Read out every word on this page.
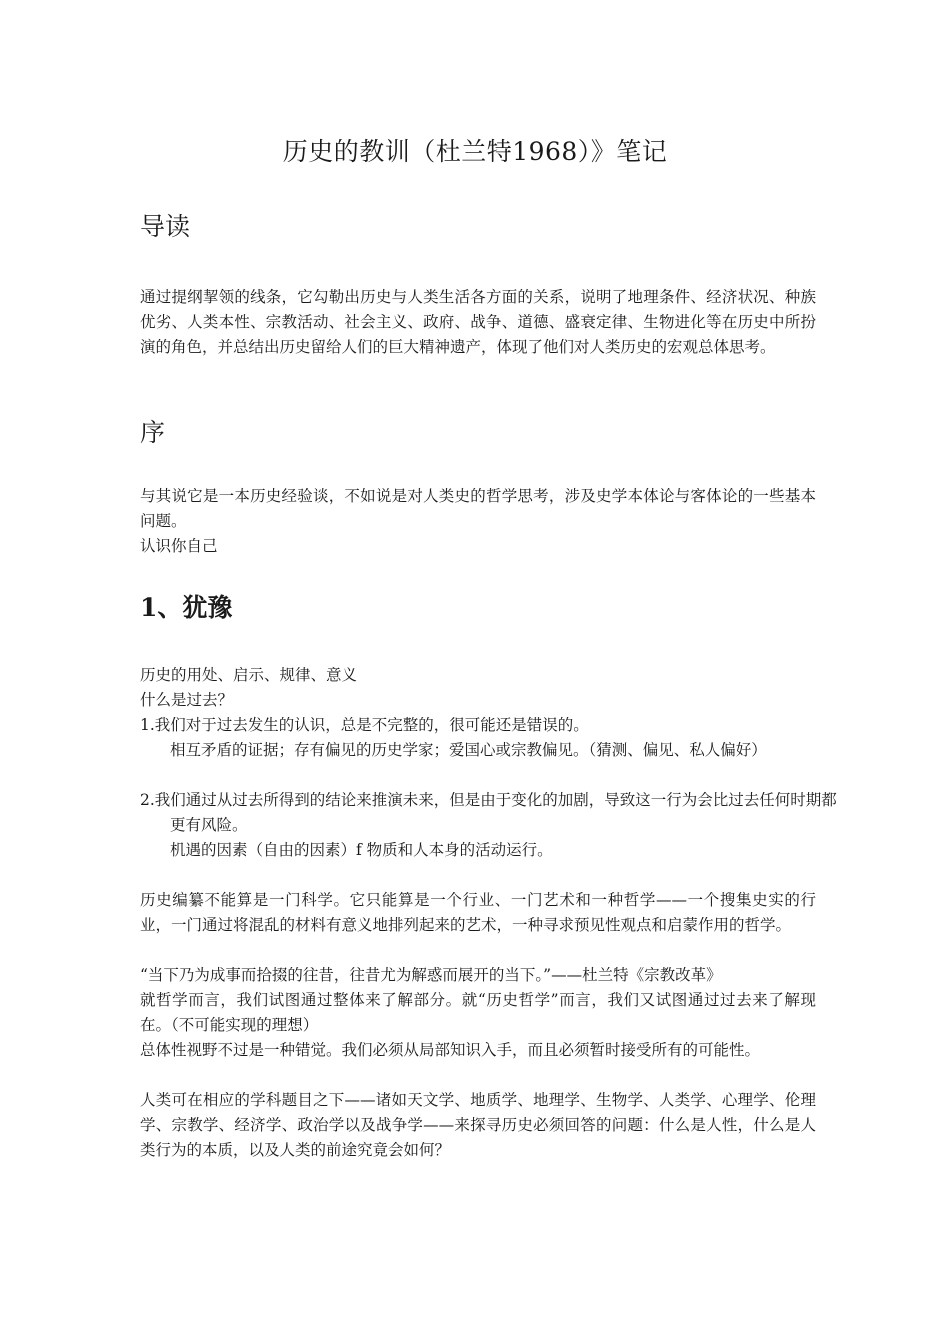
历史的教训（杜兰特1968）》笔记
导读
通过提纲挈领的线条，它勾勒出历史与人类生活各方面的关系，说明了地理条件、经济状况、种族优劣、人类本性、宗教活动、社会主义、政府、战争、道德、盛衰定律、生物进化等在历史中所扮演的角色，并总结出历史留给人们的巨大精神遗产，体现了他们对人类历史的宏观总体思考。
序
与其说它是一本历史经验谈，不如说是对人类史的哲学思考，涉及史学本体论与客体论的一些基本问题。
认识你自己
1、犹豫
历史的用处、启示、规律、意义
什么是过去？
1.我们对于过去发生的认识，总是不完整的，很可能还是错误的。
相互矛盾的证据；存有偏见的历史学家；爱国心或宗教偏见。（猜测、偏见、私人偏好）
2.我们通过从过去所得到的结论来推演未来，但是由于变化的加剧，导致这一行为会比过去任何时期都更有风险。
机遇的因素（自由的因素）f 物质和人本身的活动运行。
历史编纂不能算是一门科学。它只能算是一个行业、一门艺术和一种哲学——一个搜集史实的行业，一门通过将混乱的材料有意义地排列起来的艺术，一种寻求预见性观点和启蒙作用的哲学。
“当下乃为成事而拾掇的往昔，往昔尤为解惑而展开的当下。”——杜兰特《宗教改革》
就哲学而言，我们试图通过整体来了解部分。就“历史哲学”而言，我们又试图通过过去来了解现在。（不可能实现的理想）
总体性视野不过是一种错觉。我们必须从局部知识入手，而且必须暂时接受所有的可能性。
人类可在相应的学科题目之下——诸如天文学、地质学、地理学、生物学、人类学、心理学、伦理学、宗教学、经济学、政治学以及战争学——来探寻历史必须回答的问题：什么是人性，什么是人类行为的本质，以及人类的前途究竟会如何？
